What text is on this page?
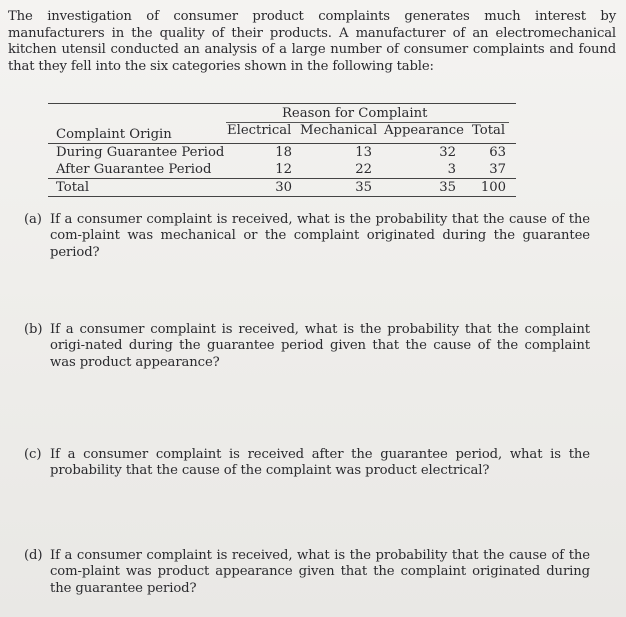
The investigation of consumer product complaints generates much interest by manufacturers in the quality of their products. A manufacturer of an electromechanical kitchen utensil conducted an analysis of a large number of consumer complaints and found that they fell into the six categories shown in the following table:

Reason for Complaint
Complaint Origin	Electrical Mechanical Appearance Total
During Guarantee Period	18	13	32	63
After Guarantee Period	12	22	3	37
Total	30	35	35	100
(a) If a consumer complaint is received, what is the probability that the cause of the com-plaint was mechanical or the complaint originated during the guarantee period?
(b) If a consumer complaint is received, what is the probability that the complaint origi-nated during the guarantee period given that the cause of the complaint was product appearance?
(c) If a consumer complaint is received after the guarantee period, what is the probability that the cause of the complaint was product electrical?
(d) If a consumer complaint is received, what is the probability that the cause of the com-plaint was product appearance given that the complaint originated during the guarantee period?
